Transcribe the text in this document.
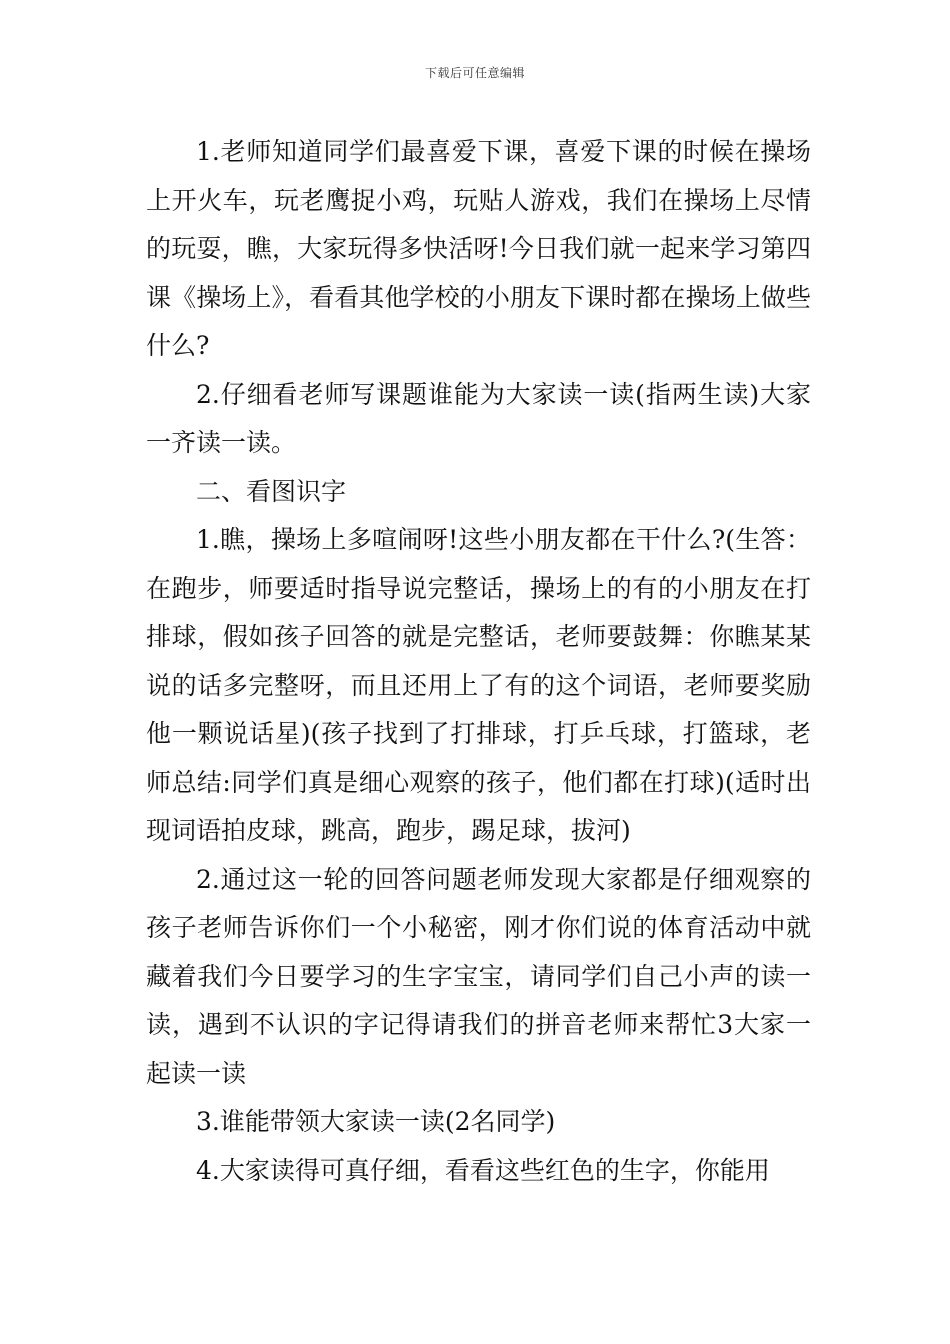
下载后可任意编辑

1.老师知道同学们最喜爱下课，喜爱下课的时候在操场上开火车，玩老鹰捉小鸡，玩贴人游戏，我们在操场上尽情的玩耍，瞧，大家玩得多快活呀!今日我们就一起来学习第四课《操场上》，看看其他学校的小朋友下课时都在操场上做些什么?

2.仔细看老师写课题谁能为大家读一读(指两生读)大家一齐读一读。

二、看图识字

1.瞧，操场上多喧闹呀!这些小朋友都在干什么?(生答：在跑步，师要适时指导说完整话，操场上的有的小朋友在打排球，假如孩子回答的就是完整话，老师要鼓舞：你瞧某某说的话多完整呀，而且还用上了有的这个词语，老师要奖励他一颗说话星)(孩子找到了打排球，打乒乓球，打篮球，老师总结:同学们真是细心观察的孩子，他们都在打球)(适时出现词语拍皮球，跳高，跑步，踢足球，拔河)

2.通过这一轮的回答问题老师发现大家都是仔细观察的孩子老师告诉你们一个小秘密，刚才你们说的体育活动中就藏着我们今日要学习的生字宝宝，请同学们自己小声的读一读，遇到不认识的字记得请我们的拼音老师来帮忙3大家一起读一读

3.谁能带领大家读一读(2名同学)

4.大家读得可真仔细，看看这些红色的生字，你能用
